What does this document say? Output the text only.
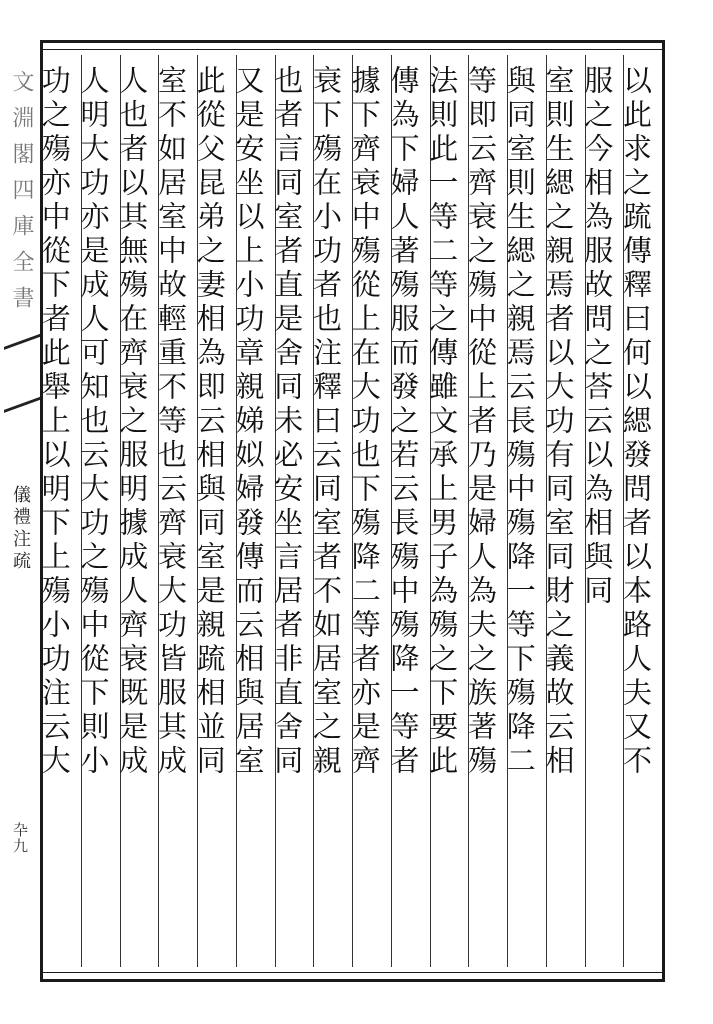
文淵閣四庫全書
儀禮注疏
卆九
以此求之䟽傳釋曰何以緦發問者以本路人夫又不
服之今相為服故問之荅云以為相與同
室則生緦之親焉者以大功有同室同財之義故云相
與同室則生緦之親焉云長殤中殤降一等下殤降二
等即云齊衰之殤中從上者乃是婦人為夫之族著殤
法則此一等二等之傳雖文承上男子為殤之下要此
傳為下婦人著殤服而發之若云長殤中殤降一等者
據下齊衰中殤從上在大功也下殤降二等者亦是齊
衰下殤在小功者也注釋曰云同室者不如居室之親
也者言同室者直是舍同未必安坐言居者非直舍同
又是安坐以上小功章親娣姒婦發傳而云相與居室
此從父昆弟之妻相為即云相與同室是親䟽相並同
室不如居室中故輕重不等也云齊衰大功皆服其成
人也者以其無殤在齊衰之服明據成人齊衰既是成
人明大功亦是成人可知也云大功之殤中從下則小
功之殤亦中從下者此舉上以明下上殤小功注云大
